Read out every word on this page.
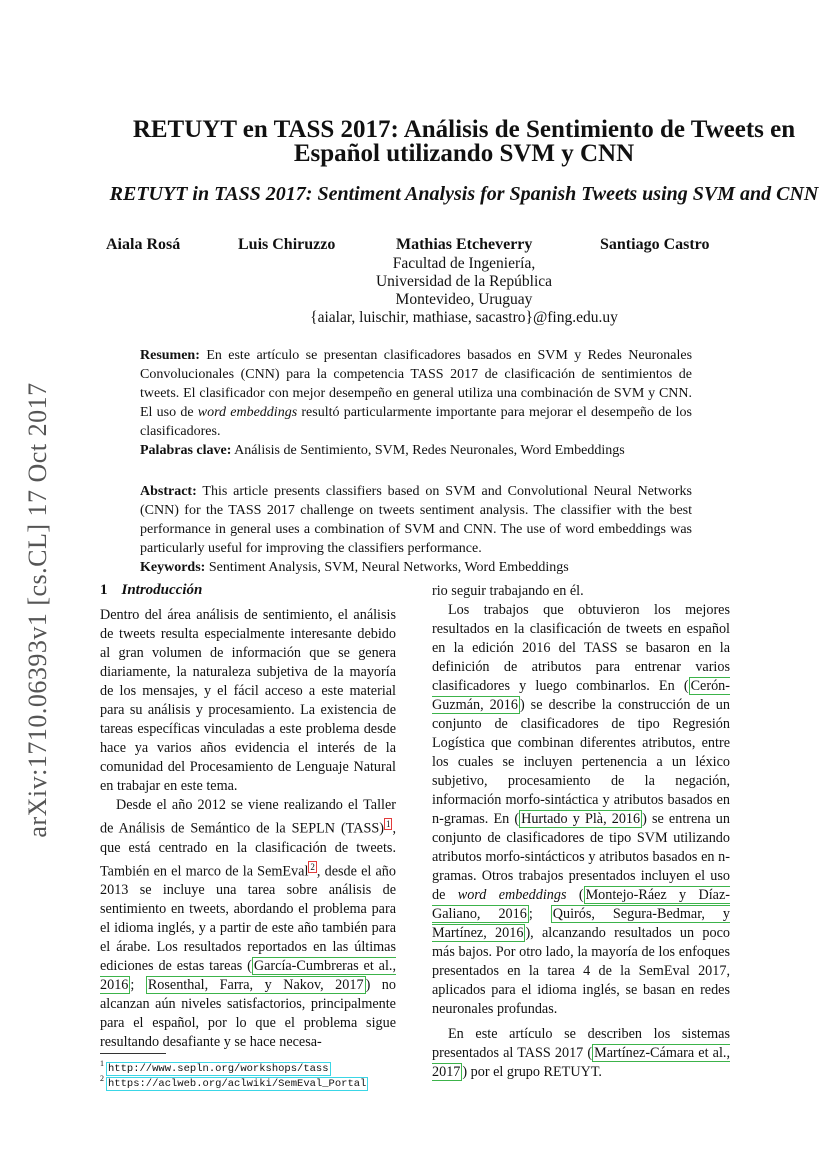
arXiv:1710.06393v1 [cs.CL] 17 Oct 2017
RETUYT en TASS 2017: Análisis de Sentimiento de Tweets en Español utilizando SVM y CNN
RETUYT in TASS 2017: Sentiment Analysis for Spanish Tweets using SVM and CNN
Aiala Rosá	Luis Chiruzzo	Mathias Etcheverry	Santiago Castro
Facultad de Ingeniería,
Universidad de la República
Montevideo, Uruguay
{aialar, luischir, mathiase, sacastro}@fing.edu.uy
Resumen: En este artículo se presentan clasificadores basados en SVM y Redes Neuronales Convolucionales (CNN) para la competencia TASS 2017 de clasificación de sentimientos de tweets. El clasificador con mejor desempeño en general utiliza una combinación de SVM y CNN. El uso de word embeddings resultó particularmente importante para mejorar el desempeño de los clasificadores.
Palabras clave: Análisis de Sentimiento, SVM, Redes Neuronales, Word Embeddings
Abstract: This article presents classifiers based on SVM and Convolutional Neural Networks (CNN) for the TASS 2017 challenge on tweets sentiment analysis. The classifier with the best performance in general uses a combination of SVM and CNN. The use of word embeddings was particularly useful for improving the classifiers performance.
Keywords: Sentiment Analysis, SVM, Neural Networks, Word Embeddings
1 Introducción

Dentro del área análisis de sentimiento, el análisis de tweets resulta especialmente interesante debido al gran volumen de información que se genera diariamente, la naturaleza subjetiva de la mayoría de los mensajes, y el fácil acceso a este material para su análisis y procesamiento. La existencia de tareas específicas vinculadas a este problema desde hace ya varios años evidencia el interés de la comunidad del Procesamiento de Lenguaje Natural en trabajar en este tema.

Desde el año 2012 se viene realizando el Taller de Análisis de Semántico de la SEPLN (TASS) $^1$ , que está centrado en la clasificación de tweets. También en el marco de la SemEval $^2$ , desde el año 2013 se incluye una tarea sobre análisis de sentimiento en tweets, abordando el problema para el idioma inglés, y a partir de este año también para el árabe. Los resultados reportados en las últimas ediciones de estas tareas ( García-Cumbreras et al., 2016 ; Rosenthal, Farra, y Nakov, 2017 ) no alcanzan aún niveles satisfactorios, principalmente para el español, por lo que el problema sigue resultando desafiante y se hace necesa-

rio seguir trabajando en él.

Los trabajos que obtuvieron los mejores resultados en la clasificación de tweets en español en la edición 2016 del TASS se basaron en la definición de atributos para entrenar varios clasificadores y luego combinarlos. En ( Cerón-Guzmán, 2016 ) se describe la construcción de un conjunto de clasificadores de tipo Regresión Logística que combinan diferentes atributos, entre los cuales se incluyen pertenencia a un léxico subjetivo, procesamiento de la negación, información morfo-sintáctica y atributos basados en n-gramas. En ( Hurtado y Plà, 2016 ) se entrena un conjunto de clasificadores de tipo SVM utilizando atributos morfo-sintácticos y atributos basados en n-gramas. Otros trabajos presentados incluyen el uso de word embeddings ( Montejo-Ráez y Díaz-Galiano, 2016 ; Quirós, Segura-Bedmar, y Martínez, 2016 ), alcanzando resultados un poco más bajos. Por otro lado, la mayoría de los enfoques presentados en la tarea 4 de la SemEval 2017, aplicados para el idioma inglés, se basan en redes neuronales profundas.

En este artículo se describen los sistemas presentados al TASS 2017 ( Martínez-Cámara et al., 2017 ) por el grupo RETUYT.

$^1$ http://www.sepln.org/workshops/tass
$^2$ https://aclweb.org/aclwiki/SemEval_Portal
